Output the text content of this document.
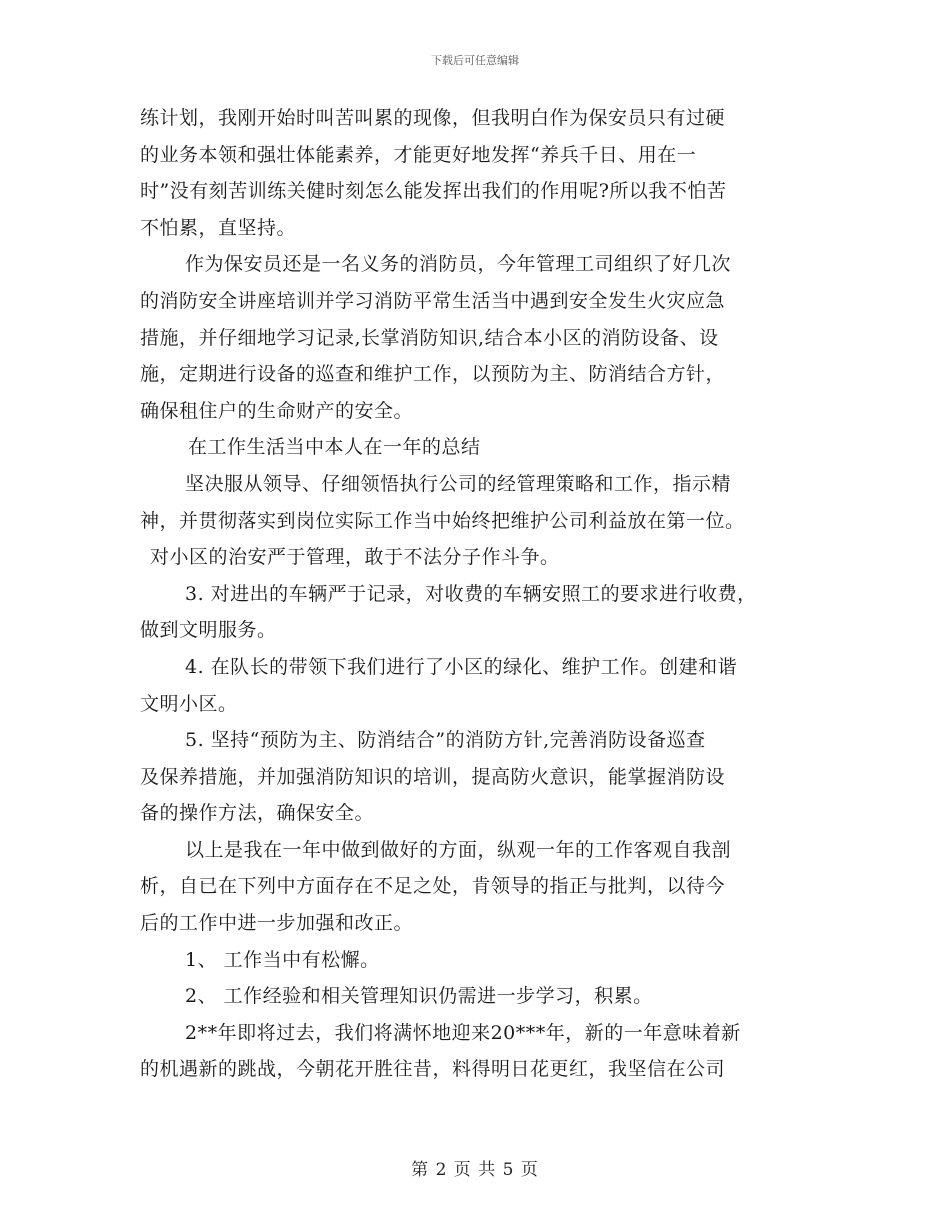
下载后可任意编辑
练计划，我刚开始时叫苦叫累的现像，但我明白作为保安员只有过硬
的业务本领和强壮体能素养，才能更好地发挥“养兵千日、用在一
时”没有刻苦训练关健时刻怎么能发挥出我们的作用呢?所以我不怕苦
不怕累，直坚持。
作为保安员还是一名义务的消防员，今年管理工司组织了好几次
的消防安全讲座培训并学习消防平常生活当中遇到安全发生火灾应急
措施，并仔细地学习记录,长掌消防知识,结合本小区的消防设备、设
施，定期进行设备的巡查和维护工作，以预防为主、防消结合方针，
确保租住户的生命财产的安全。
在工作生活当中本人在一年的总结
坚决服从领导、仔细领悟执行公司的经管理策略和工作，指示精
神，并贯彻落实到岗位实际工作当中始终把维护公司利益放在第一位。
对小区的治安严于管理，敢于不法分子作斗争。
3. 对进出的车辆严于记录，对收费的车辆安照工的要求进行收费，
做到文明服务。
4. 在队长的带领下我们进行了小区的绿化、维护工作。创建和谐
文明小区。
5. 坚持“预防为主、防消结合”的消防方针,完善消防设备巡查
及保养措施，并加强消防知识的培训，提高防火意识，能掌握消防设
备的操作方法，确保安全。
以上是我在一年中做到做好的方面，纵观一年的工作客观自我剖
析，自已在下列中方面存在不足之处，肯领导的指正与批判，以待今
后的工作中进一步加强和改正。
1、 工作当中有松懈。
2、 工作经验和相关管理知识仍需进一步学习，积累。
2**年即将过去，我们将满怀地迎来20***年，新的一年意味着新
的机遇新的跳战，今朝花开胜往昔，料得明日花更红，我坚信在公司
第 2 页 共 5 页
